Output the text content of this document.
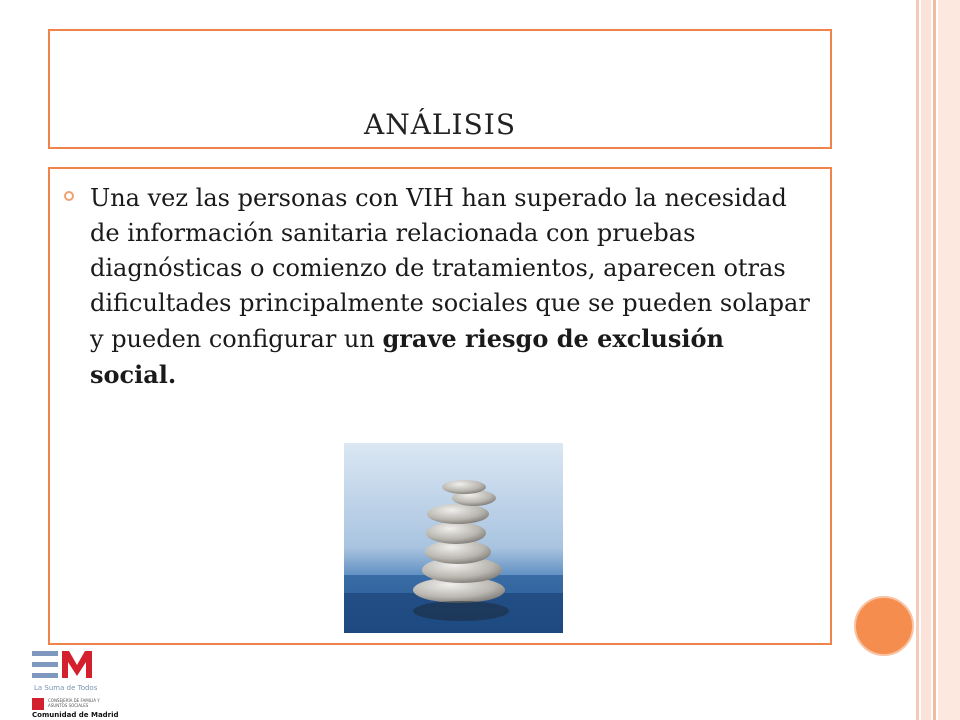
ANÁLISIS
Una vez las personas con VIH han superado la necesidad de información sanitaria relacionada con pruebas diagnósticas o comienzo de tratamientos, aparecen otras dificultades principalmente sociales que se pueden solapar y pueden configurar un grave riesgo de exclusión social.
La Suma de Todos
CONSEJERÍA DE FAMILIA Y ASUNTOS SOCIALES
Comunidad de Madrid
